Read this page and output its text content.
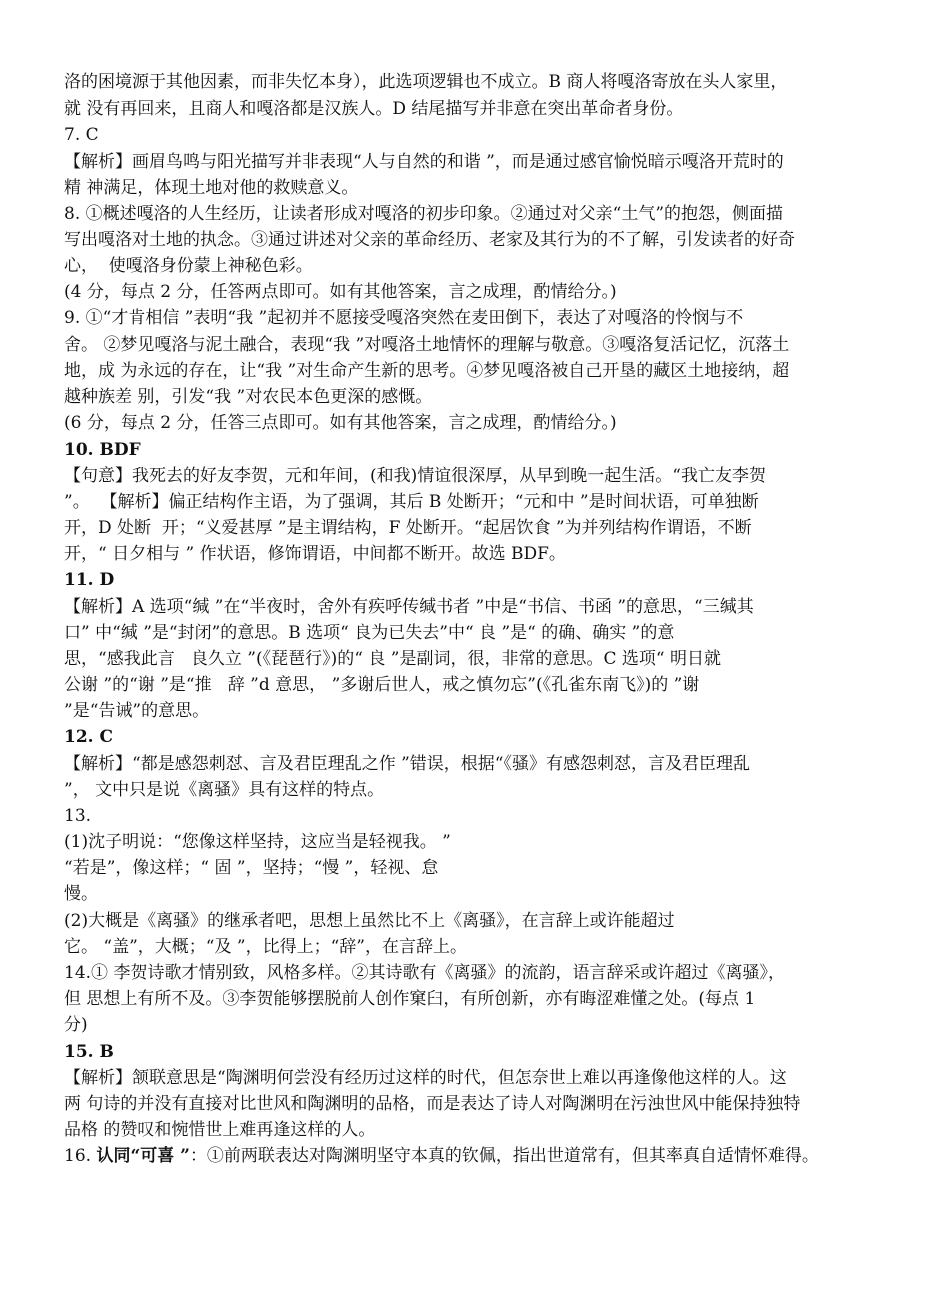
洛的困境源于其他因素，而非失忆本身），此选项逻辑也不成立。B 商人将嘎洛寄放在头人家里，
就 没有再回来，且商人和嘎洛都是汉族人。D 结尾描写并非意在突出革命者身份。
7. C
【解析】画眉鸟鸣与阳光描写并非表现“人与自然的和谐 ”，而是通过感官愉悦暗示嘎洛开荒时的
精 神满足，体现土地对他的救赎意义。
8. ①概述嘎洛的人生经历，让读者形成对嘎洛的初步印象。②通过对父亲“土气”的抱怨，侧面描
写出嘎洛对土地的执念。③通过讲述对父亲的革命经历、老家及其行为的不了解，引发读者的好奇
心，  使嘎洛身份蒙上神秘色彩。
(4 分，每点 2 分，任答两点即可。如有其他答案，言之成理，酌情给分。)
9. ①“才肯相信 ”表明“我 ”起初并不愿接受嘎洛突然在麦田倒下，表达了对嘎洛的怜悯与不
舍。 ②梦见嘎洛与泥土融合，表现“我 ”对嘎洛土地情怀的理解与敬意。③嘎洛复活记忆，沉落土
地，成 为永远的存在，让“我 ”对生命产生新的思考。④梦见嘎洛被自己开垦的藏区土地接纳，超
越种族差 别，引发“我 ”对农民本色更深的感慨。
(6 分，每点 2 分，任答三点即可。如有其他答案，言之成理，酌情给分。)
10. BDF
【句意】我死去的好友李贺，元和年间，(和我)情谊很深厚，从早到晚一起生活。“我亡友李贺
”。  【解析】偏正结构作主语，为了强调，其后 B 处断开；“元和中 ”是时间状语，可单独断
开，D 处断  开；“义爱甚厚 ”是主谓结构，F 处断开。“起居饮食 ”为并列结构作谓语，不断
开，“ 日夕相与 ” 作状语，修饰谓语，中间都不断开。故选 BDF。
11. D
【解析】A 选项“缄 ”在“半夜时，舍外有疾呼传缄书者 ”中是“书信、书函 ”的意思，“三缄其
口” 中“缄 ”是“封闭”的意思。B 选项“ 良为已失去”中“ 良 ”是“ 的确、确实 ”的意
思，“感我此言   良久立 ”(《琵琶行》)的“ 良 ”是副词，很，非常的意思。C 选项“ 明日就
公谢 ”的“谢 ”是“推   辞 ”d 意思， ”多谢后世人，戒之慎勿忘”(《孔雀东南飞》)的 ”谢
”是“告诫”的意思。
12. C
【解析】“都是感怨刺怼、言及君臣理乱之作 ”错误，根据“《骚》有感怨刺怼，言及君臣理乱
”， 文中只是说《离骚》具有这样的特点。
13.
(1)沈子明说：“您像这样坚持，这应当是轻视我。 ”
“若是”，像这样；“ 固 ”，坚持；“慢 ”，轻视、怠
慢。
(2)大概是《离骚》的继承者吧，思想上虽然比不上《离骚》，在言辞上或许能超过
它。 “盖”，大概；“及 ”，比得上；“辞”，在言辞上。
14.① 李贺诗歌才情别致，风格多样。②其诗歌有《离骚》的流韵，语言辞采或许超过《离骚》，
但 思想上有所不及。③李贺能够摆脱前人创作窠臼，有所创新，亦有晦涩难懂之处。(每点 1
分)
15. B
【解析】颔联意思是“陶渊明何尝没有经历过这样的时代，但怎奈世上难以再逢像他这样的人。这
两 句诗的并没有直接对比世风和陶渊明的品格，而是表达了诗人对陶渊明在污浊世风中能保持独特
品格 的赞叹和惋惜世上难再逢这样的人。
16. 认同“可喜 ”：①前两联表达对陶渊明坚守本真的钦佩，指出世道常有，但其率真自适情怀难得。
